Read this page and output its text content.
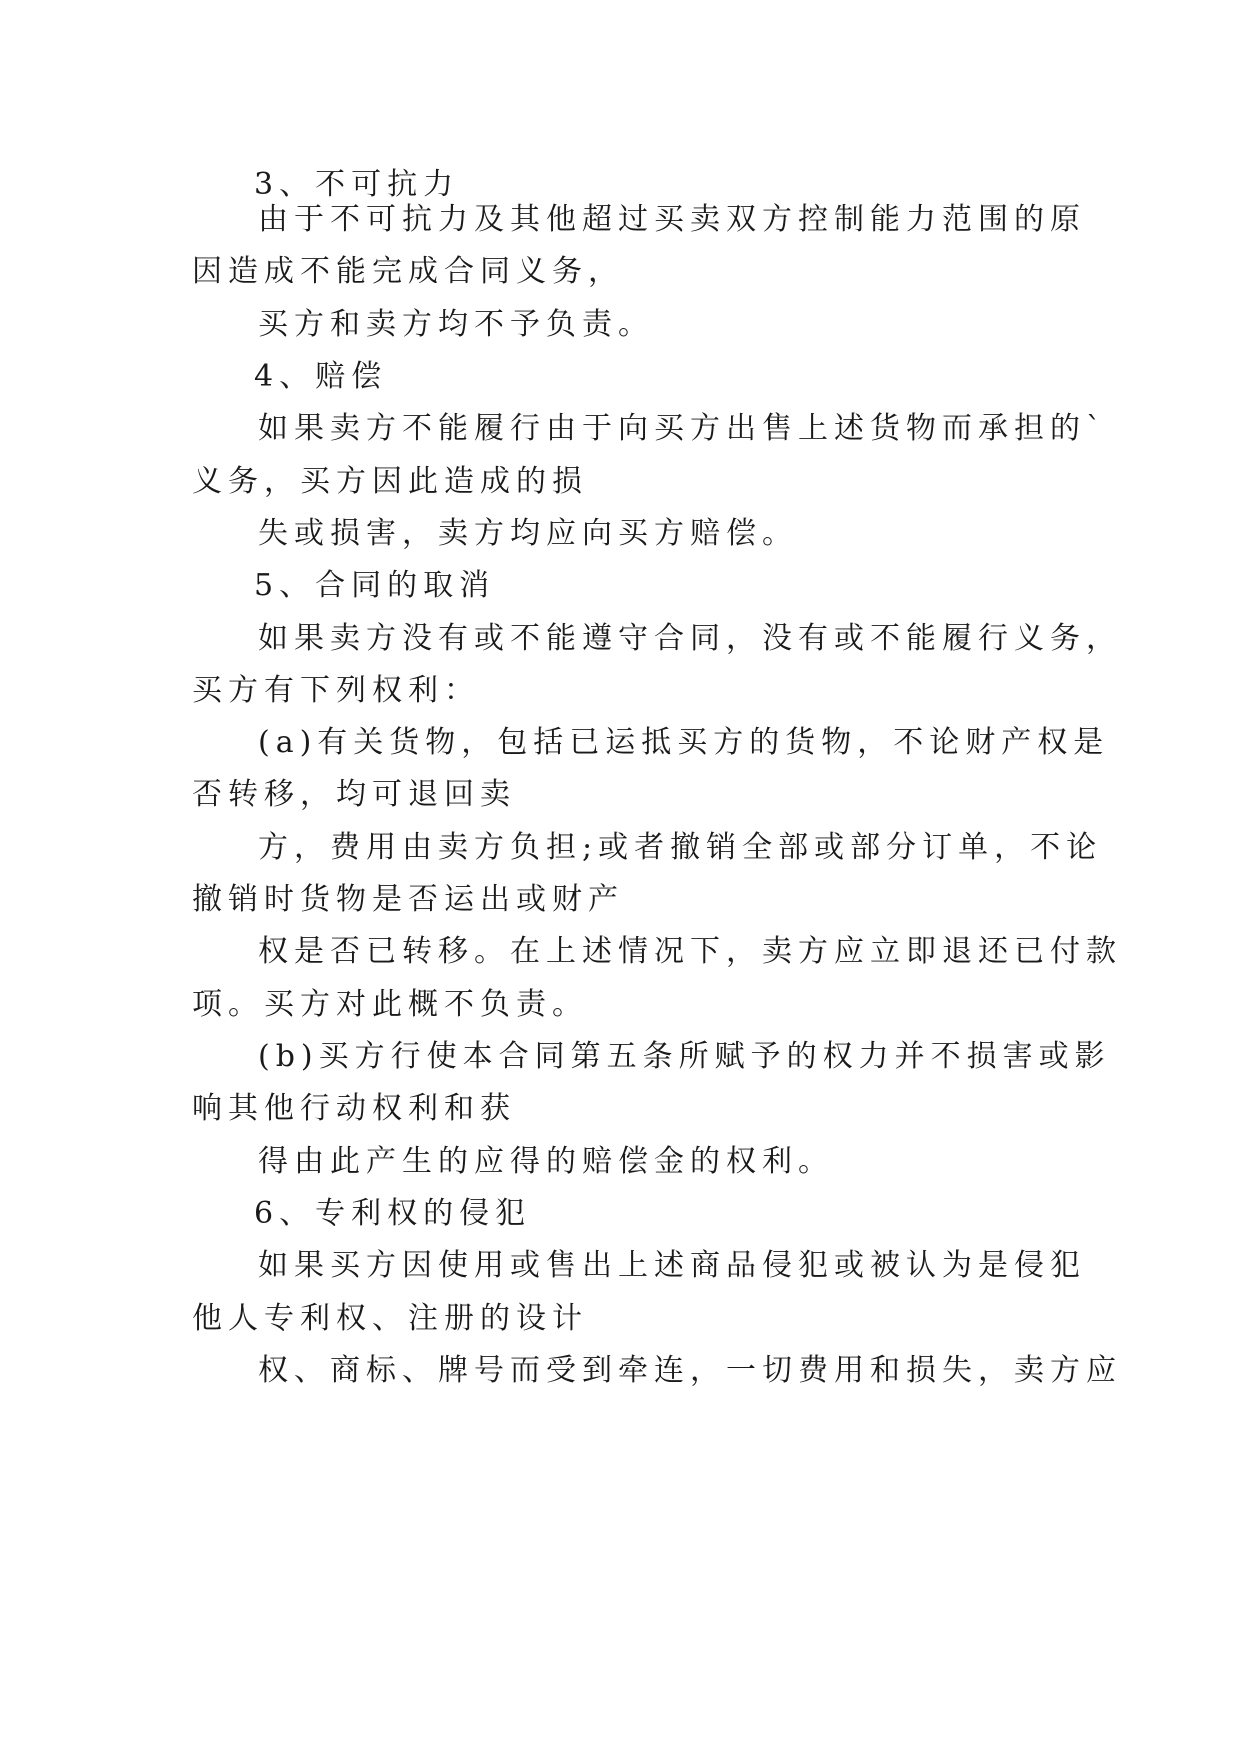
3、不可抗力
由于不可抗力及其他超过买卖双方控制能力范围的原
因造成不能完成合同义务，
买方和卖方均不予负责。
4、赔偿
如果卖方不能履行由于向买方出售上述货物而承担的`
义务，买方因此造成的损
失或损害，卖方均应向买方赔偿。
5、合同的取消
如果卖方没有或不能遵守合同，没有或不能履行义务，
买方有下列权利：
(a)有关货物，包括已运抵买方的货物，不论财产权是
否转移，均可退回卖
方，费用由卖方负担;或者撤销全部或部分订单，不论
撤销时货物是否运出或财产
权是否已转移。在上述情况下，卖方应立即退还已付款
项。买方对此概不负责。
(b)买方行使本合同第五条所赋予的权力并不损害或影
响其他行动权利和获
得由此产生的应得的赔偿金的权利。
6、专利权的侵犯
如果买方因使用或售出上述商品侵犯或被认为是侵犯
他人专利权、注册的设计
权、商标、牌号而受到牵连，一切费用和损失，卖方应
